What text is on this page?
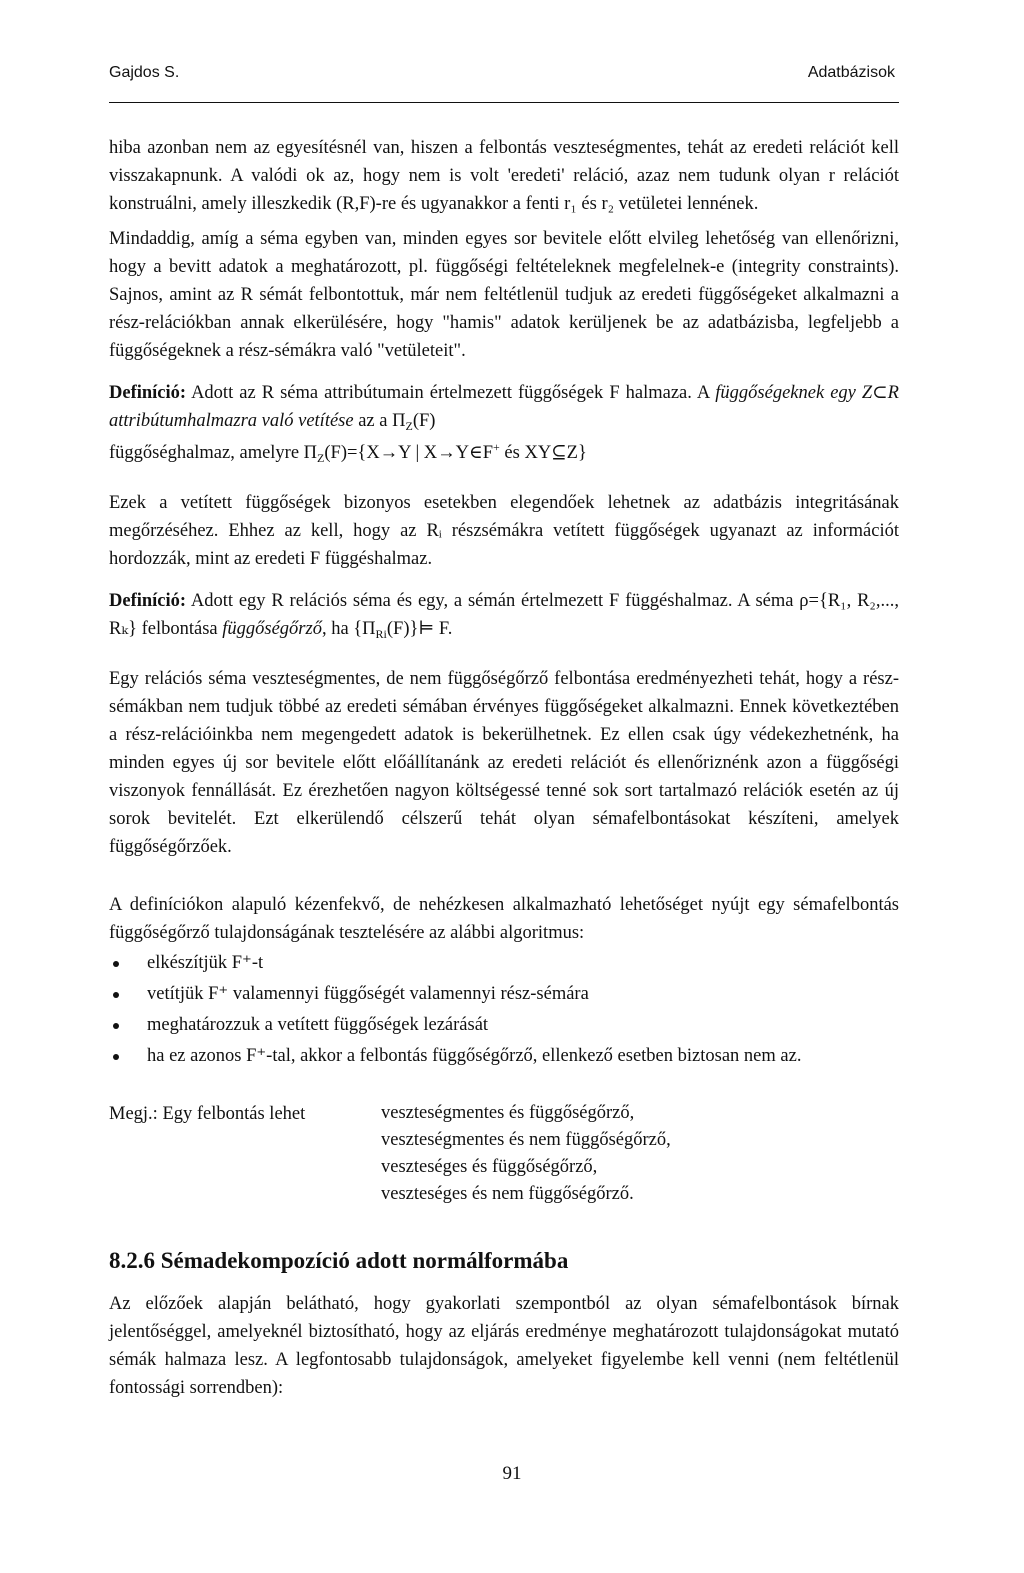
Gajdos S.	Adatbázisok

hiba azonban nem az egyesítésnél van, hiszen a felbontás veszteségmentes, tehát az eredeti relációt kell visszakapnunk. A valódi ok az, hogy nem is volt 'eredeti' reláció, azaz nem tudunk olyan r relációt konstruálni, amely illeszkedik (R,F)-re és ugyanakkor a fenti r₁ és r₂ vetületei lennének.

Mindaddig, amíg a séma egyben van, minden egyes sor bevitele előtt elvileg lehetőség van ellenőrizni, hogy a bevitt adatok a meghatározott, pl. függőségi feltételeknek megfelelnek-e (integrity constraints). Sajnos, amint az R sémát felbontottuk, már nem feltétlenül tudjuk az eredeti függőségeket alkalmazni a rész-relációkban annak elkerülésére, hogy "hamis" adatok kerüljenek be az adatbázisba, legfeljebb a függőségeknek a rész-sémákra való "vetületeit".

Definíció: Adott az R séma attribútumain értelmezett függőségek F halmaza. A függőségeknek egy Z⊂R attribútumhalmazra való vetítése az a $\Pi_Z(F)$

függőséghalmaz, amelyre $\Pi_Z(F)=\{X\to Y$ | X→Y∈F+ és XY⊆Z}

Ezek a vetített függőségek bizonyos esetekben elegendőek lehetnek az adatbázis integritásának megőrzéséhez. Ehhez az kell, hogy az Rᵢ részsémákra vetített függőségek ugyanazt az információt hordozzák, mint az eredeti F függéshalmaz.

Definíció: Adott egy R relációs séma és egy, a sémán értelmezett F függéshalmaz. A séma ρ={R₁, R₂,..., Rₖ} felbontása függőségőrző, ha $\{\Pi_{Ri}(F)\}⊨$ F.

Egy relációs séma veszteségmentes, de nem függőségőrző felbontása eredményezheti tehát, hogy a rész-sémákban nem tudjuk többé az eredeti sémában érvényes függőségeket alkalmazni. Ennek következtében a rész-relációinkba nem megengedett adatok is bekerülhetnek. Ez ellen csak úgy védekezhetnénk, ha minden egyes új sor bevitele előtt előállítanánk az eredeti relációt és ellenőriznénk azon a függőségi viszonyok fennállását. Ez érezhetően nagyon költségessé tenné sok sort tartalmazó relációk esetén az új sorok bevitelét. Ezt elkerülendő célszerű tehát olyan sémafelbontásokat készíteni, amelyek függőségőrzőek.

A definíciókon alapuló kézenfekvő, de nehézkesen alkalmazható lehetőséget nyújt egy sémafelbontás függőségőrző tulajdonságának tesztelésére az alábbi algoritmus:

elkészítjük F⁺-t
vetítjük F⁺ valamennyi függőségét valamennyi rész-sémára
meghatározzuk a vetített függőségek lezárását
ha ez azonos F⁺-tal, akkor a felbontás függőségőrző, ellenkező esetben biztosan nem az.
Megj.: Egy felbontás lehet	veszteségmentes és függőségőrző,
veszteségmentes és nem függőségőrző,
veszteséges és függőségőrző,
veszteséges és nem függőségőrző.
8.2.6 Sémadekompozíció adott normálformába

Az előzőek alapján belátható, hogy gyakorlati szempontból az olyan sémafelbontások bírnak jelentőséggel, amelyeknél biztosítható, hogy az eljárás eredménye meghatározott tulajdonságokat mutató sémák halmaza lesz. A legfontosabb tulajdonságok, amelyeket figyelembe kell venni (nem feltétlenül fontossági sorrendben):

91
